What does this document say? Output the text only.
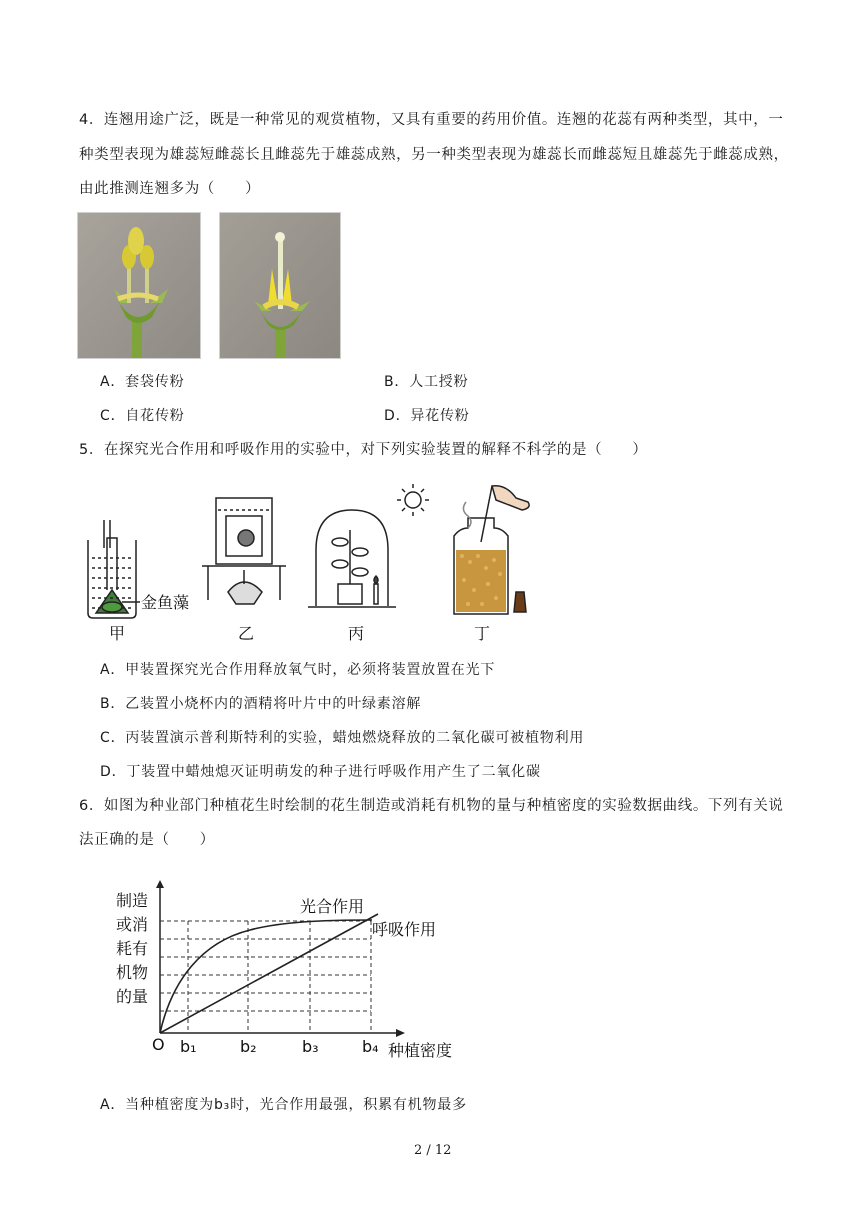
4．连翘用途广泛，既是一种常见的观赏植物，又具有重要的药用价值。连翘的花蕊有两种类型，其中，一
种类型表现为雄蕊短雌蕊长且雌蕊先于雄蕊成熟，另一种类型表现为雄蕊长而雌蕊短且雄蕊先于雌蕊成熟，
由此推测连翘多为（　　）
A．套袋传粉	B．人工授粉
C．自花传粉	D．异花传粉
5．在探究光合作用和呼吸作用的实验中，对下列实验装置的解释不科学的是（　　）
金鱼藻
甲	乙	丙	丁
A．甲装置探究光合作用释放氧气时，必须将装置放置在光下
B．乙装置小烧杯内的酒精将叶片中的叶绿素溶解
C．丙装置演示普利斯特利的实验，蜡烛燃烧释放的二氧化碳可被植物利用
D．丁装置中蜡烛熄灭证明萌发的种子进行呼吸作用产生了二氧化碳
6．如图为种业部门种植花生时绘制的花生制造或消耗有机物的量与种植密度的实验数据曲线。下列有关说
法正确的是（　　）
制造
或消
耗有
机物
的量
光合作用
呼吸作用
O b₁	b₂	b₃	b₄ 种植密度
A．当种植密度为b₃时，光合作用最强，积累有机物最多
2 / 12
